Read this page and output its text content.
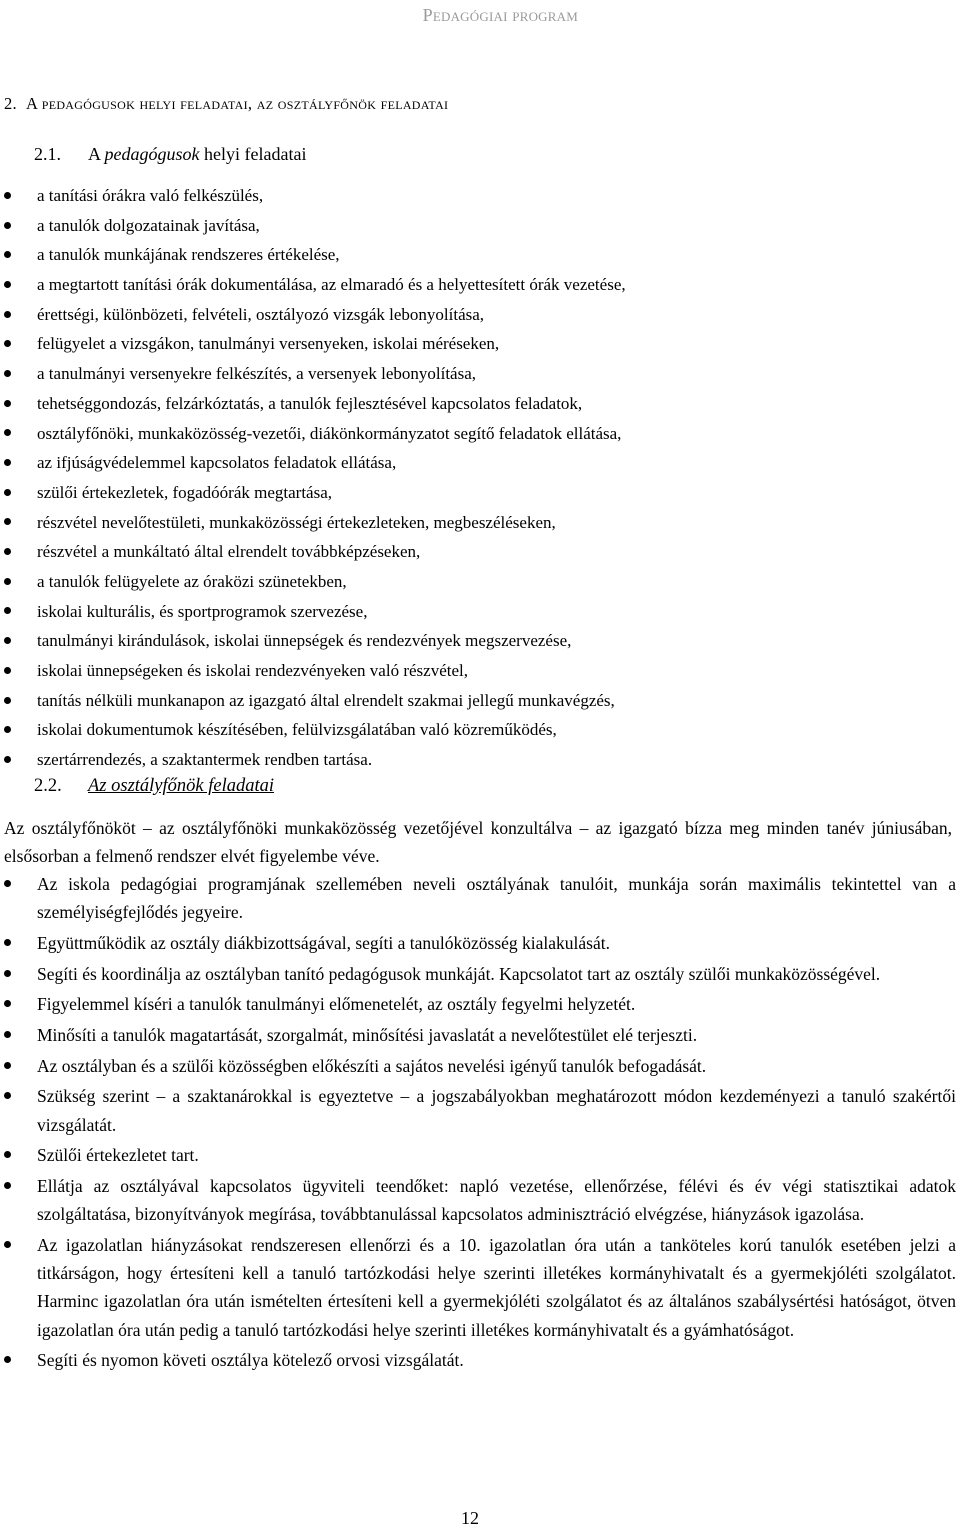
Pedagógiai program
2. A pedagógusok helyi feladatai, az osztályfőnök feladatai
2.1. A pedagógusok helyi feladatai
a tanítási órákra való felkészülés,
a tanulók dolgozatainak javítása,
a tanulók munkájának rendszeres értékelése,
a megtartott tanítási órák dokumentálása, az elmaradó és a helyettesített órák vezetése,
érettségi, különbözeti, felvételi, osztályozó vizsgák lebonyolítása,
felügyelet a vizsgákon, tanulmányi versenyeken, iskolai méréseken,
a tanulmányi versenyekre felkészítés, a versenyek lebonyolítása,
tehetséggondozás, felzárkóztatás, a tanulók fejlesztésével kapcsolatos feladatok,
osztályfőnöki, munkaközösség-vezetői, diákönkormányzatot segítő feladatok ellátása,
az ifjúságvédelemmel kapcsolatos feladatok ellátása,
szülői értekezletek, fogadóórák megtartása,
részvétel nevelőtestületi, munkaközösségi értekezleteken, megbeszéléseken,
részvétel a munkáltató által elrendelt továbbképzéseken,
a tanulók felügyelete az óraközi szünetekben,
iskolai kulturális, és sportprogramok szervezése,
tanulmányi kirándulások, iskolai ünnepségek és rendezvények megszervezése,
iskolai ünnepségeken és iskolai rendezvényeken való részvétel,
tanítás nélküli munkanapon az igazgató által elrendelt szakmai jellegű munkavégzés,
iskolai dokumentumok készítésében, felülvizsgálatában való közreműködés,
szertárrendezés, a szaktantermek rendben tartása.
2.2. Az osztályfőnök feladatai

Az osztályfőnököt – az osztályfőnöki munkaközösség vezetőjével konzultálva – az igazgató bízza meg minden tanév júniusában, elsősorban a felmenő rendszer elvét figyelembe véve.

Az iskola pedagógiai programjának szellemében neveli osztályának tanulóit, munkája során maximális tekintettel van a személyiségfejlődés jegyeire.
Együttműködik az osztály diákbizottságával, segíti a tanulóközösség kialakulását.
Segíti és koordinálja az osztályban tanító pedagógusok munkáját. Kapcsolatot tart az osztály szülői munkaközösségével.
Figyelemmel kíséri a tanulók tanulmányi előmenetelét, az osztály fegyelmi helyzetét.
Minősíti a tanulók magatartását, szorgalmát, minősítési javaslatát a nevelőtestület elé terjeszti.
Az osztályban és a szülői közösségben előkészíti a sajátos nevelési igényű tanulók befogadását.
Szükség szerint – a szaktanárokkal is egyeztetve – a jogszabályokban meghatározott módon kezdeményezi a tanuló szakértői vizsgálatát.
Szülői értekezletet tart.
Ellátja az osztályával kapcsolatos ügyviteli teendőket: napló vezetése, ellenőrzése, félévi és év végi statisztikai adatok szolgáltatása, bizonyítványok megírása, továbbtanulással kapcsolatos adminisztráció elvégzése, hiányzások igazolása.
Az igazolatlan hiányzásokat rendszeresen ellenőrzi és a 10. igazolatlan óra után a tanköteles korú tanulók esetében jelzi a titkárságon, hogy értesíteni kell a tanuló tartózkodási helye szerinti illetékes kormányhivatalt és a gyermekjóléti szolgálatot. Harminc igazolatlan óra után ismételten értesíteni kell a gyermekjóléti szolgálatot és az általános szabálysértési hatóságot, ötven igazolatlan óra után pedig a tanuló tartózkodási helye szerinti illetékes kormányhivatalt és a gyámhatóságot.
Segíti és nyomon követi osztálya kötelező orvosi vizsgálatát.
12
